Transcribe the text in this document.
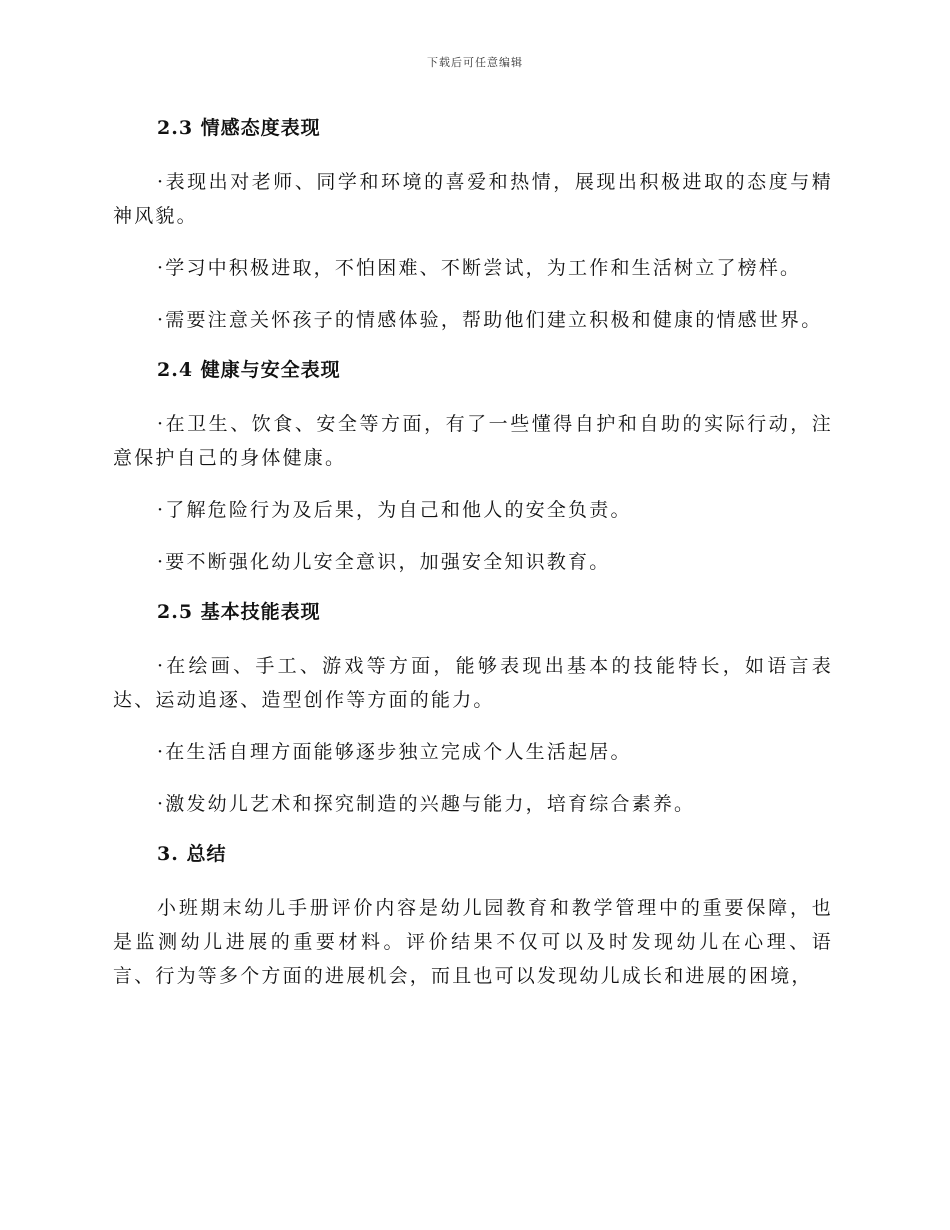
下载后可任意编辑
2.3 情感态度表现
·表现出对老师、同学和环境的喜爱和热情，展现出积极进取的态度与精神风貌。
·学习中积极进取，不怕困难、不断尝试，为工作和生活树立了榜样。
·需要注意关怀孩子的情感体验，帮助他们建立积极和健康的情感世界。
2.4 健康与安全表现
·在卫生、饮食、安全等方面，有了一些懂得自护和自助的实际行动，注意保护自己的身体健康。
·了解危险行为及后果，为自己和他人的安全负责。
·要不断强化幼儿安全意识，加强安全知识教育。
2.5 基本技能表现
·在绘画、手工、游戏等方面，能够表现出基本的技能特长，如语言表达、运动追逐、造型创作等方面的能力。
·在生活自理方面能够逐步独立完成个人生活起居。
·激发幼儿艺术和探究制造的兴趣与能力，培育综合素养。
3. 总结
小班期末幼儿手册评价内容是幼儿园教育和教学管理中的重要保障，也是监测幼儿进展的重要材料。评价结果不仅可以及时发现幼儿在心理、语言、行为等多个方面的进展机会，而且也可以发现幼儿成长和进展的困境，
